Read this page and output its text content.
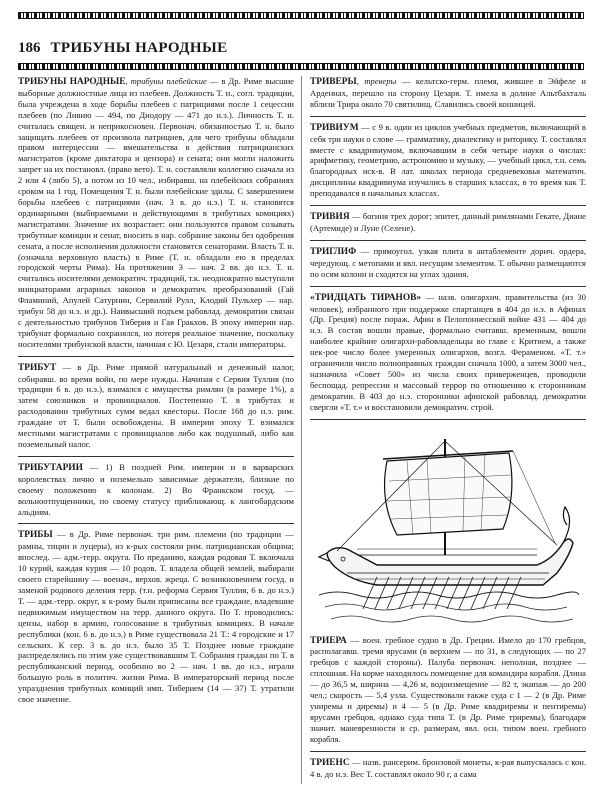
186 ТРИБУНЫ НАРОДНЫЕ

ТРИБУНЫ НАРОДНЫЕ, трибуны плебейские — в Др. Риме высшие выборные должностные лица из плебеев. Должность Т. н., согл. традиции, была учреждена в ходе борьбы плебеев с патрициями после 1 сецессии плебеев (по Ливию — 494, по Диодору — 471 до н.э.). Личность Т. н. считалась священ. и неприкосновен. Первонач. обязанностью Т. н. было защищать плебеев от произвола патрициев, для чего трибуны обладали правом интерцессии — вмешательства в действия патрицианских магистратов (кроме диктатора и цензора) и сената; они могли наложить запрет на их постановл. (право вето). Т. н. составляли коллегию сначала из 2 или 4 (либо 5), а потом из 10 чел., избиравш. на плебейских собраниях сроком на 1 год. Помещения Т. н. были плебейские эдилы. С завершением борьбы плебеев с патрициями (нач. 3 в. до н.э.) Т. н. становятся ординарными (выбираемыми и действующими в трибутных комициях) магистратами. Значение их возрастает: они пользуются правом созывать трибутные комиции и сенат, вносить в нар. собрание законы без одобрения сената, а после исполнения должности становятся сенаторами. Власть Т. н. (означала верховную власть) в Риме (Т. н. обладали ею в пределах городской черты Рима). На протяжении 3 — нач. 2 вв. до н.э. Т. н. считались носителями демократич. традиций, т.к. неоднократно выступали инициаторами аграрных законов и демократич. преобразований (Гай Фламиний, Апулей Сатурнин, Сервилий Рулл, Клодий Пульхер — нар. трибун 58 до н.э. и др.). Наивысший подъем рабовлад. демократии связан с деятельностью трибунов Тиберия и Гая Гракхов. В эпоху империи нар. трибунат формально сохранялся, но потеря реальное значение, поскольку носителями трибунской власти, начиная с Ю. Цезаря, стали императоры.

ТРИБУТ — в Др. Риме прямой натуральный и денежный налог, собиравш. во время войн, по мере нужды. Начиная с Сервия Туллия (по традиции 6 в. до н.э.), взимался с имущества римлян (в размере 1%), а затем союзников и провинциалов. Постепенно Т. в трибутах и расходовании трибутных сумм ведал квесторы. После 168 до н.э. рим. граждане от Т. были освобождены. В империи эпоху Т. взимался местными магистратами с провинциалов либо как подушный, либо как поземельный налог.

ТРИБУТАРИИ — 1) В поздней Рим. империи и в варварских королевствах лично и поземельно зависимые держатели, близкие по своему положению к колонам. 2) Во Франкском госуд. — вольноотпущенники, по своему статусу приближающ. к лангобардским альдиям.

ТРИБЫ — в Др. Риме первонач. три рим. племени (по традиции — рамны, тиции и луцеры), из к-рых состояли рим. патрицианская община; впослед. — адм.-терр. округа. По преданию, каждая родовая Т. включала 10 курий, каждая курия — 10 родов. Т. владела общей землей, выбирали своего старейшину — военач., верхов. жреца. С возникновением госуд. и заменой родового деления терр. (т.н. реформа Сервия Туллия, 6 в. до н.э.) Т. — адм.-терр. округ, к к-рому были приписаны все граждане, владевшие недвижимым имуществом на терр. данного округа. По Т. проводились: цензы, набор в армию, голосование в трибутных комициях. В начале республики (кон. 6 в. до н.э.) в Риме существовала 21 Т.: 4 городские и 17 сельских. К сер. 3 в. до н.э. было 35 Т. Позднее новые граждане распределялись по этим уже существовавшим Т. Собрания граждан по Т. в республиканский период, особенно во 2 — нач. 1 вв. до н.э., играли большую роль в политич. жизни Рима. В императорский период после упразднения трибутных комиций имп. Тиберием (14 — 37) Т. утратили свое значение.

ТРИВЕРЫ, треверы — кельтско-герм. племя, жившее в Эйфеле и Арденнах, перешло на сторону Цезаря. Т. имела в долине Альтбахталь вблизи Трира около 70 святилищ. Славились своей конницей.

ТРИВИУМ — с 9 в. один из циклов учебных предметов, включающий в себя три науки о слове — грамматику, диалектику и риторику. Т. составлял вместе с квадривиумом, включавшим в себя четыре науки о числах: арифметику, геометрию, астрономию и музыку, — учебный цикл, т.н. семь благородных иск-в. В лат. школах периода средневековья математич. дисциплины квадривиума изучались в старших классах, в то время как Т. преподавался в начальных классах.

ТРИВИЯ — богиня трех дорог; эпитет, данный римлянами Гекате, Диане (Артемиде) и Луне (Селене).

ТРИГЛИФ — прямоугол. узкая плита в антаблементе дорич. ордера, чередующ. с метопами и явл. несущим элементом. Т. обычно размещаются по осям колонн и сходятся на углах здания.

«ТРИДЦАТЬ ТИРАНОВ» — назв. олигархич. правительства (из 30 человек), избранного при поддержке спартанцев в 404 до н.э. в Афинах (Др. Греция) после пораж. Афин в Пелопоннесской войне 431 — 404 до н.э. В состав вошли правые, формально считавш. временным, вошли наиболее крайние олигархи-рабовладельцы во главе с Критием, а также нек-рое число более умеренных олигархов, возгл. Фераменом. «Т. т.» ограничили число полноправных граждан сначала 1000, а затем 3000 чел., назначила «Совет 500» из числа своих приверженцев, проводили беспощад. репрессии и массовый террор по отношению к сторонникам демократии. В 403 до н.э. сторонники афинской рабовлад. демократии свергли «Т. т.» и восстановили демократич. строй.

ТРИЕРА — воен. гребное судно в Др. Греции. Имело до 170 гребцов, располагавш. тремя ярусами (в верхнем — по 31, в следующих — по 27 гребцов с каждой стороны). Палуба первонач. неполная, позднее — сплошная. На корме находилось помещение для командира корабля. Длина — до 36,5 м, ширина — 4,26 м, водоизмещение — 82 т, экипаж — до 200 чел.; скорость — 5,4 узла. Существовали также суда с 1 — 2 (в Др. Риме униремы и диремы) и 4 — 5 (в Др. Риме квадриремы и пентиремы) ярусами гребцов, однако суда типа Т. (в Др. Риме триремы), благодаря значит. маневренности и ср. размерам, явл. осн. типом воен. гребного корабля.

ТРИЕНС — назв. рансерим. бронзовой монеты, к-рая выпускалась с кон. 4 в. до н.э. Вес Т. составлял около 90 г, а сама
